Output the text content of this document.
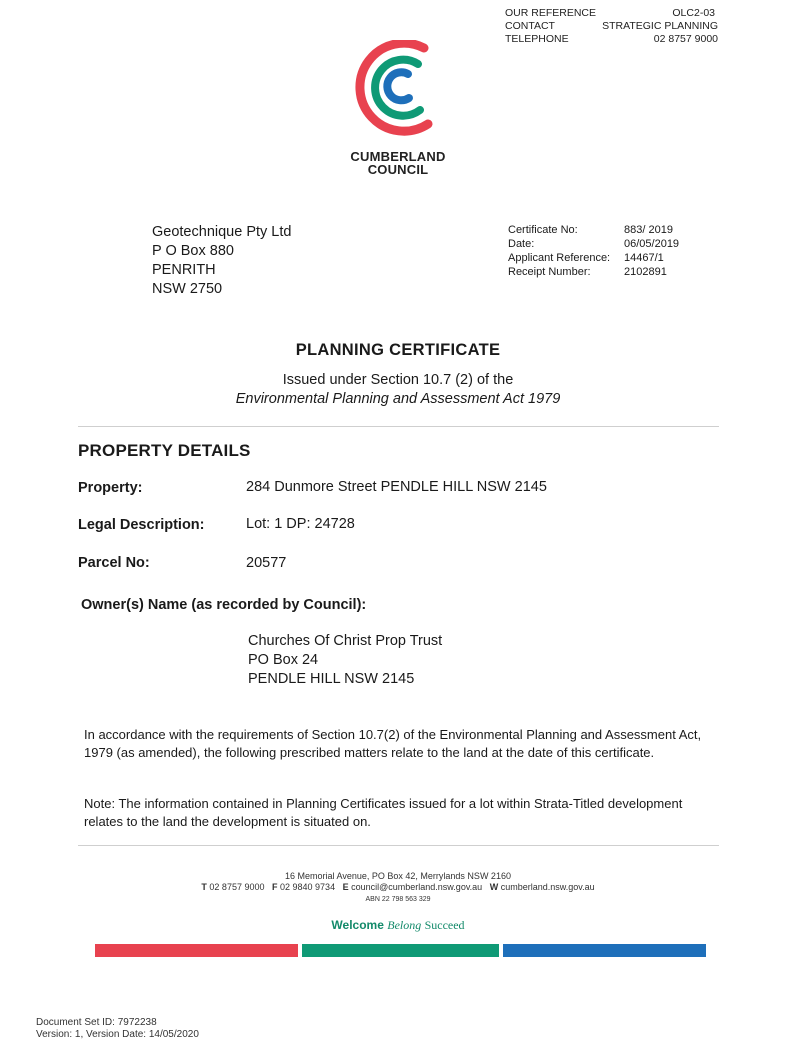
OUR REFERENCE	OLC2-03
CONTACT	STRATEGIC PLANNING
TELEPHONE	02 8757 9000
CUMBERLAND
COUNCIL
Geotechnique Pty Ltd
P O Box 880
PENRITH
NSW 2750
Certificate No:	883/ 2019
Date:	06/05/2019
Applicant Reference:	14467/1
Receipt Number:	2102891
PLANNING CERTIFICATE
Issued under Section 10.7 (2) of the
Environmental Planning and Assessment Act 1979
PROPERTY DETAILS
Property:	284 Dunmore Street PENDLE HILL NSW 2145
Legal Description:	Lot: 1 DP: 24728
Parcel No:	20577
Owner(s) Name (as recorded by Council):
Churches Of Christ Prop Trust
PO Box 24
PENDLE HILL NSW 2145
In accordance with the requirements of Section 10.7(2) of the Environmental Planning and Assessment Act, 1979 (as amended), the following prescribed matters relate to the land at the date of this certificate.
Note: The information contained in Planning Certificates issued for a lot within Strata-Titled development relates to the land the development is situated on.
16 Memorial Avenue, PO Box 42, Merrylands NSW 2160
T 02 8757 9000 F 02 9840 9734 E council@cumberland.nsw.gov.au W cumberland.nsw.gov.au
ABN 22 798 563 329
Welcome Belong Succeed
Document Set ID: 7972238
Version: 1, Version Date: 14/05/2020
